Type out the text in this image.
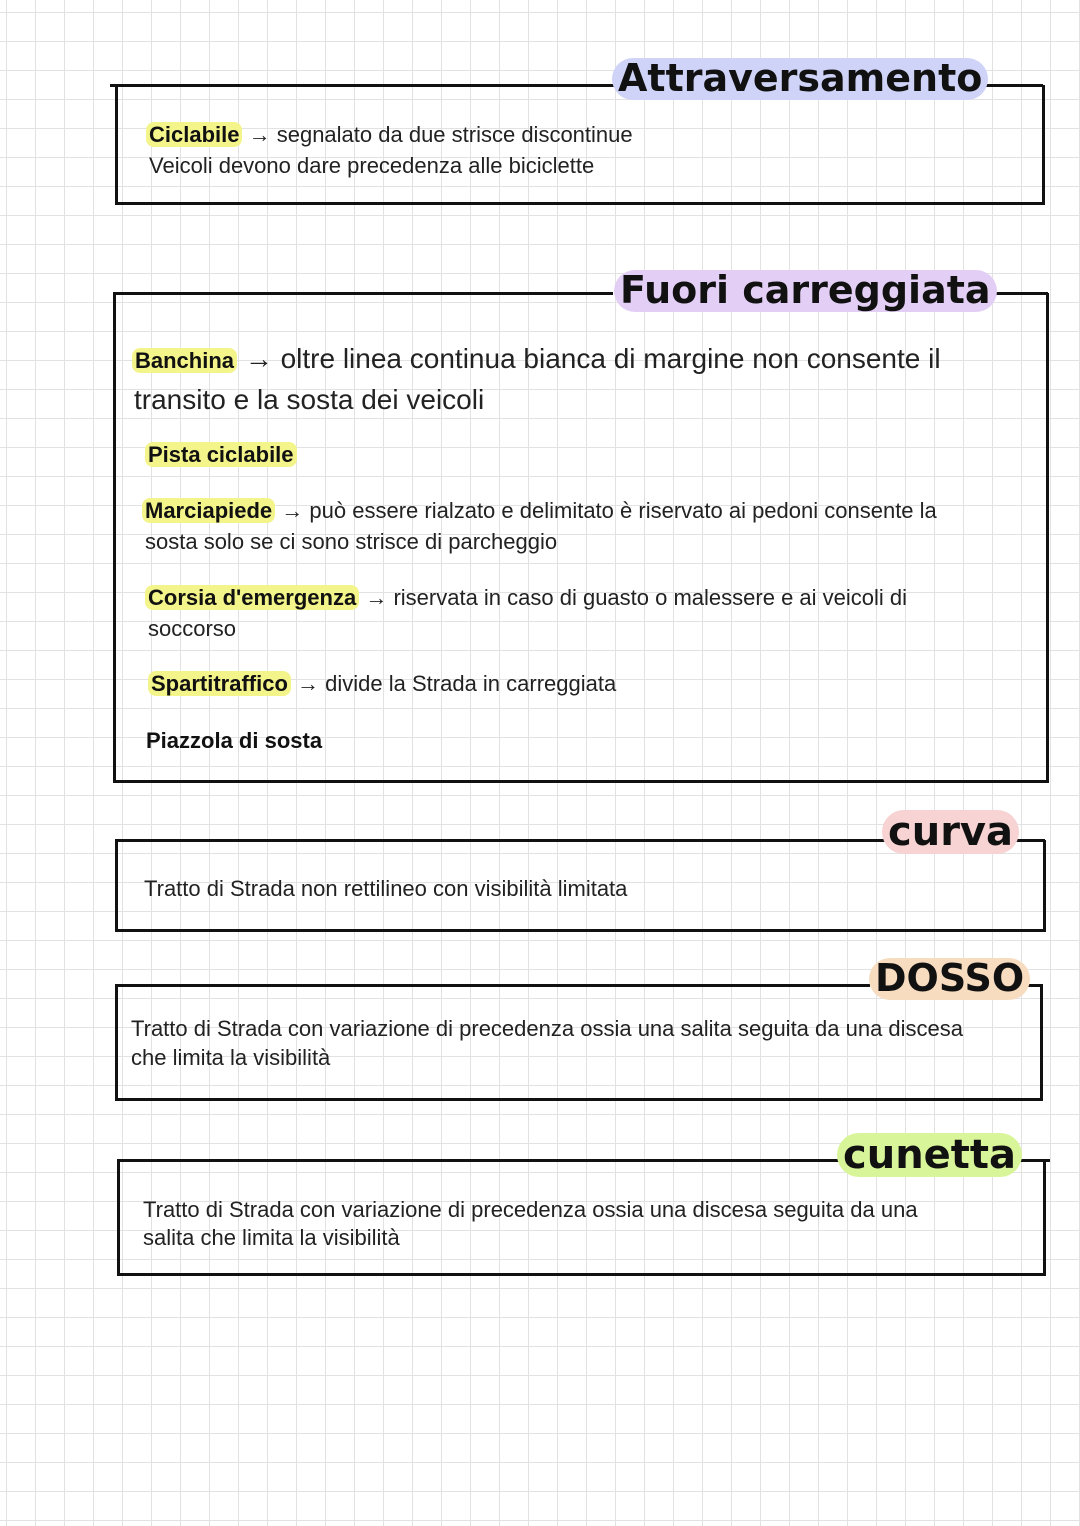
Attraversamento
Ciclabile → segnalato da due strisce discontinue
Veicoli devono dare precedenza alle biciclette
Fuori carreggiata
Banchina → oltre linea continua bianca di margine non consente il
transito e la sosta dei veicoli
Pista ciclabile
Marciapiede → può essere rialzato e delimitato è riservato ai pedoni consente la
sosta solo se ci sono strisce di parcheggio
Corsia d'emergenza → riservata in caso di guasto o malessere e ai veicoli di
soccorso
Spartitraffico → divide la Strada in carreggiata
Piazzola di sosta
curva
Tratto di Strada non rettilineo con visibilità limitata
DOSSO
Tratto di Strada con variazione di precedenza ossia una salita seguita da una discesa
che limita la visibilità
cunetta
Tratto di Strada con variazione di precedenza ossia una discesa seguita da una
salita che limita la visibilità
